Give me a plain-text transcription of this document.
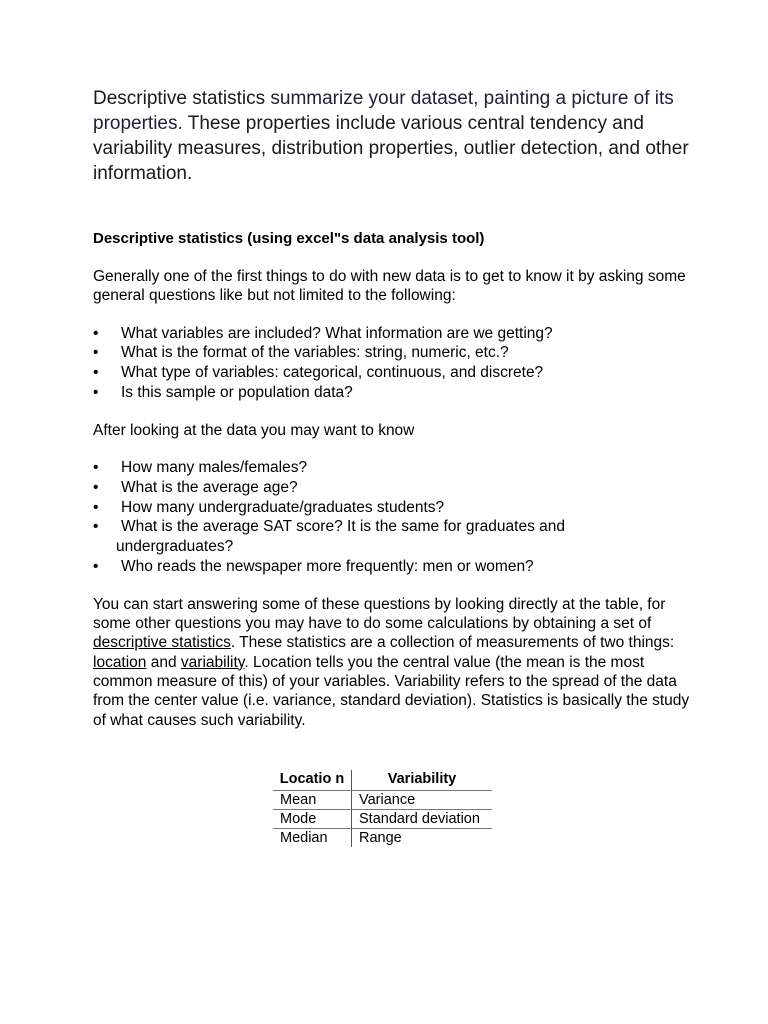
Descriptive statistics summarize your dataset, painting a picture of its properties. These properties include various central tendency and variability measures, distribution properties, outlier detection, and other information.

Descriptive statistics (using excel"s data analysis tool)

Generally one of the first things to do with new data is to get to know it by asking some general questions like but not limited to the following:

• What variables are included? What information are we getting?
• What is the format of the variables: string, numeric, etc.?
• What type of variables: categorical, continuous, and discrete?
• Is this sample or population data?

After looking at the data you may want to know

• How many males/females?
• What is the average age?
• How many undergraduate/graduates students?
• What is the average SAT score? It is the same for graduates and
undergraduates?
• Who reads the newspaper more frequently: men or women?

You can start answering some of these questions by looking directly at the table, for some other questions you may have to do some calculations by obtaining a set of descriptive statistics. These statistics are a collection of measurements of two things: location and variability. Location tells you the central value (the mean is the most common measure of this) of your variables. Variability refers to the spread of the data from the center value (i.e. variance, standard deviation). Statistics is basically the study of what causes such variability.

Locatio n	Variability
Mean	Variance
Mode	Standard deviation
Median	Range
